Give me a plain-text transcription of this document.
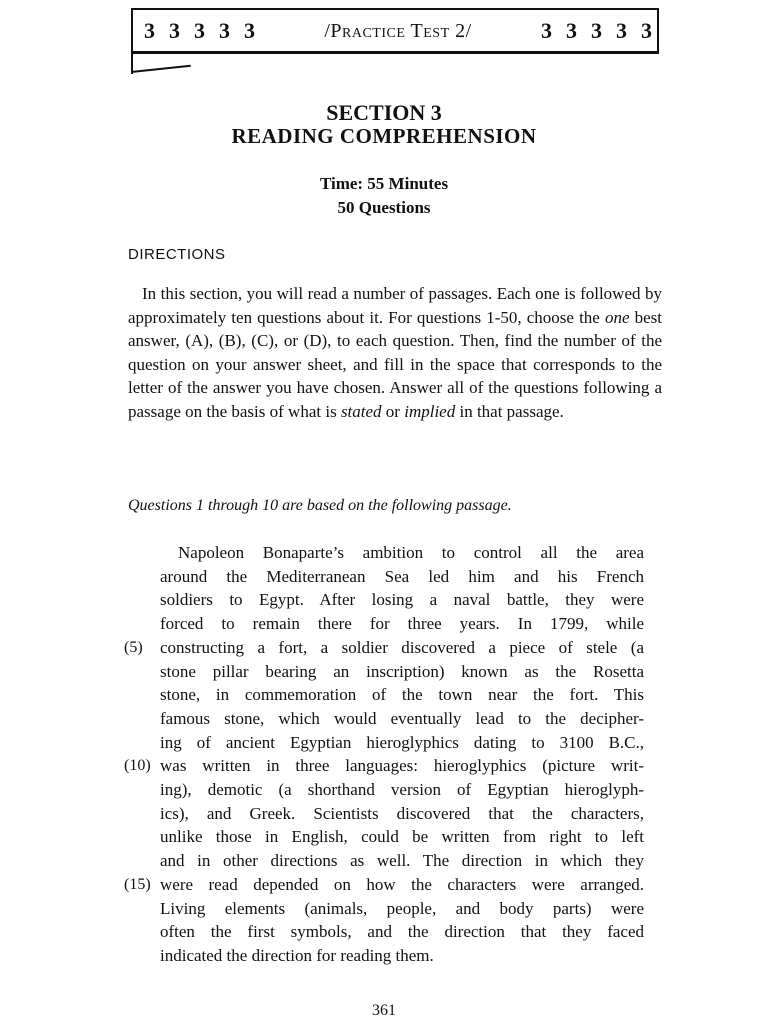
3 3 3 3 3	/Practice Test 2/	3 3 3 3 3
SECTION 3
READING COMPREHENSION
Time: 55 Minutes
50 Questions
DIRECTIONS

In this section, you will read a number of passages. Each one is followed by approximately ten questions about it. For questions 1-50, choose the one best answer, (A), (B), (C), or (D), to each question. Then, find the number of the question on your answer sheet, and fill in the space that corresponds to the letter of the answer you have chosen. Answer all of the questions following a passage on the basis of what is stated or implied in that passage.

Questions 1 through 10 are based on the following passage.
Napoleon Bonaparte’s ambition to control all the area
around the Mediterranean Sea led him and his French
soldiers to Egypt. After losing a naval battle, they were
forced to remain there for three years. In 1799, while
(5) constructing a fort, a soldier discovered a piece of stele (a
stone pillar bearing an inscription) known as the Rosetta
stone, in commemoration of the town near the fort. This
famous stone, which would eventually lead to the decipher-
ing of ancient Egyptian hieroglyphics dating to 3100 B.C.,
(10) was written in three languages: hieroglyphics (picture writ-
ing), demotic (a shorthand version of Egyptian hieroglyph-
ics), and Greek. Scientists discovered that the characters,
unlike those in English, could be written from right to left
and in other directions as well. The direction in which they
(15) were read depended on how the characters were arranged.
Living elements (animals, people, and body parts) were
often the first symbols, and the direction that they faced
indicated the direction for reading them.
361
